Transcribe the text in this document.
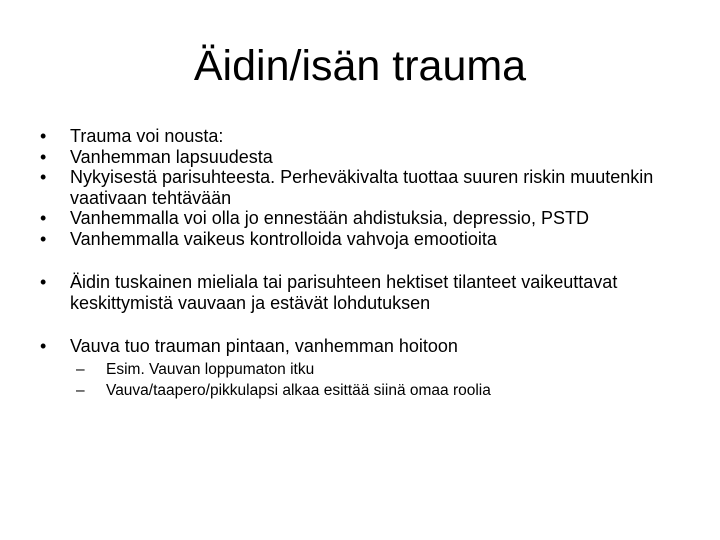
Äidin/isän trauma
• Trauma voi nousta:
• Vanhemman lapsuudesta
• Nykyisestä parisuhteesta. Perheväkivalta tuottaa suuren riskin muutenkin vaativaan tehtävään
• Vanhemmalla voi olla jo ennestään ahdistuksia, depressio, PSTD
• Vanhemmalla vaikeus kontrolloida vahvoja emootioita
• Äidin tuskainen mieliala tai parisuhteen hektiset tilanteet vaikeuttavat keskittymistä vauvaan ja estävät lohdutuksen
• Vauva tuo trauman pintaan, vanhemman hoitoon
– Esim. Vauvan loppumaton itku
– Vauva/taapero/pikkulapsi alkaa esittää siinä omaa roolia
